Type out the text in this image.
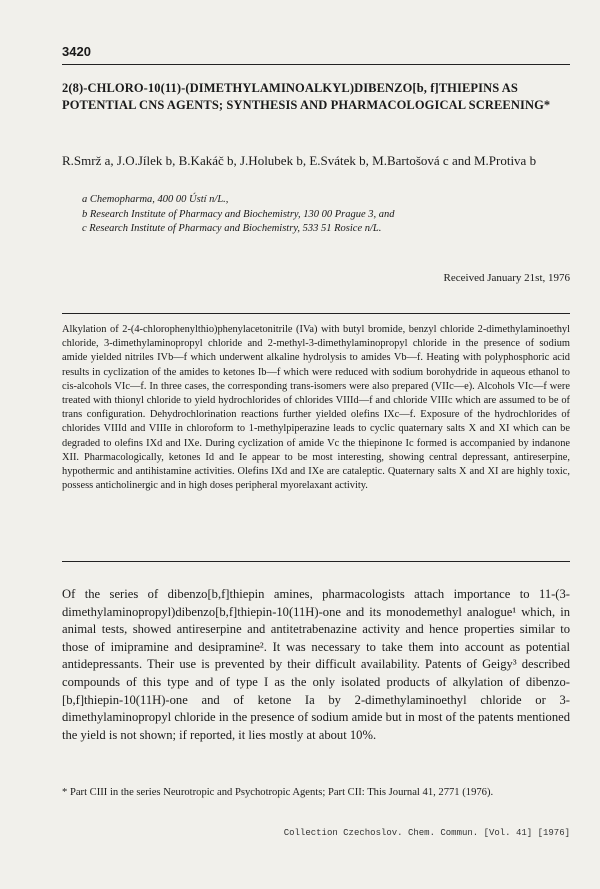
3420
2(8)-CHLORO-10(11)-(DIMETHYLAMINOALKYL)DIBENZO[b, f]THIEPINS AS POTENTIAL CNS AGENTS; SYNTHESIS AND PHARMACOLOGICAL SCREENING*
R.Smrž a, J.O.Jílek b, B.Kakáč b, J.Holubek b, E.Svátek b, M.Bartošová c and M.Protiva b
a Chemopharma, 400 00 Ústí n/L.,
b Research Institute of Pharmacy and Biochemistry, 130 00 Prague 3, and
c Research Institute of Pharmacy and Biochemistry, 533 51 Rosice n/L.
Received January 21st, 1976
Alkylation of 2-(4-chlorophenylthio)phenylacetonitrile (IVa) with butyl bromide, benzyl chloride 2-dimethylaminoethyl chloride, 3-dimethylaminopropyl chloride and 2-methyl-3-dimethylaminopropyl chloride in the presence of sodium amide yielded nitriles IVb—f which underwent alkaline hydrolysis to amides Vb—f. Heating with polyphosphoric acid results in cyclization of the amides to ketones Ib—f which were reduced with sodium borohydride in aqueous ethanol to cis-alcohols VIc—f. In three cases, the corresponding trans-isomers were also prepared (VIIc—e). Alcohols VIc—f were treated with thionyl chloride to yield hydrochlorides of chlorides VIIId—f and chloride VIIIc which are assumed to be of trans configuration. Dehydrochlorination reactions further yielded olefins IXc—f. Exposure of the hydrochlorides of chlorides VIIId and VIIIe in chloroform to 1-methylpiperazine leads to cyclic quaternary salts X and XI which can be degraded to olefins IXd and IXe. During cyclization of amide Vc the thiepinone Ic formed is accompanied by indanone XII. Pharmacologically, ketones Id and Ie appear to be most interesting, showing central depressant, antireserpine, hypothermic and antihistamine activities. Olefins IXd and IXe are cataleptic. Quaternary salts X and XI are highly toxic, possess anticholinergic and in high doses peripheral myorelaxant activity.
Of the series of dibenzo[b,f]thiepin amines, pharmacologists attach importance to 11-(3-dimethylaminopropyl)dibenzo[b,f]thiepin-10(11H)-one and its monodemethyl analogue¹ which, in animal tests, showed antireserpine and antitetrabenazine activity and hence properties similar to those of imipramine and desipramine². It was necessary to take them into account as potential antidepressants. Their use is prevented by their difficult availability. Patents of Geigy³ described compounds of this type and of type I as the only isolated products of alkylation of dibenzo-[b,f]thiepin-10(11H)-one and of ketone Ia by 2-dimethylaminoethyl chloride or 3-dimethylaminopropyl chloride in the presence of sodium amide but in most of the patents mentioned the yield is not shown; if reported, it lies mostly at about 10%.
* Part CIII in the series Neurotropic and Psychotropic Agents; Part CII: This Journal 41, 2771 (1976).
Collection Czechoslov. Chem. Commun. [Vol. 41] [1976]
